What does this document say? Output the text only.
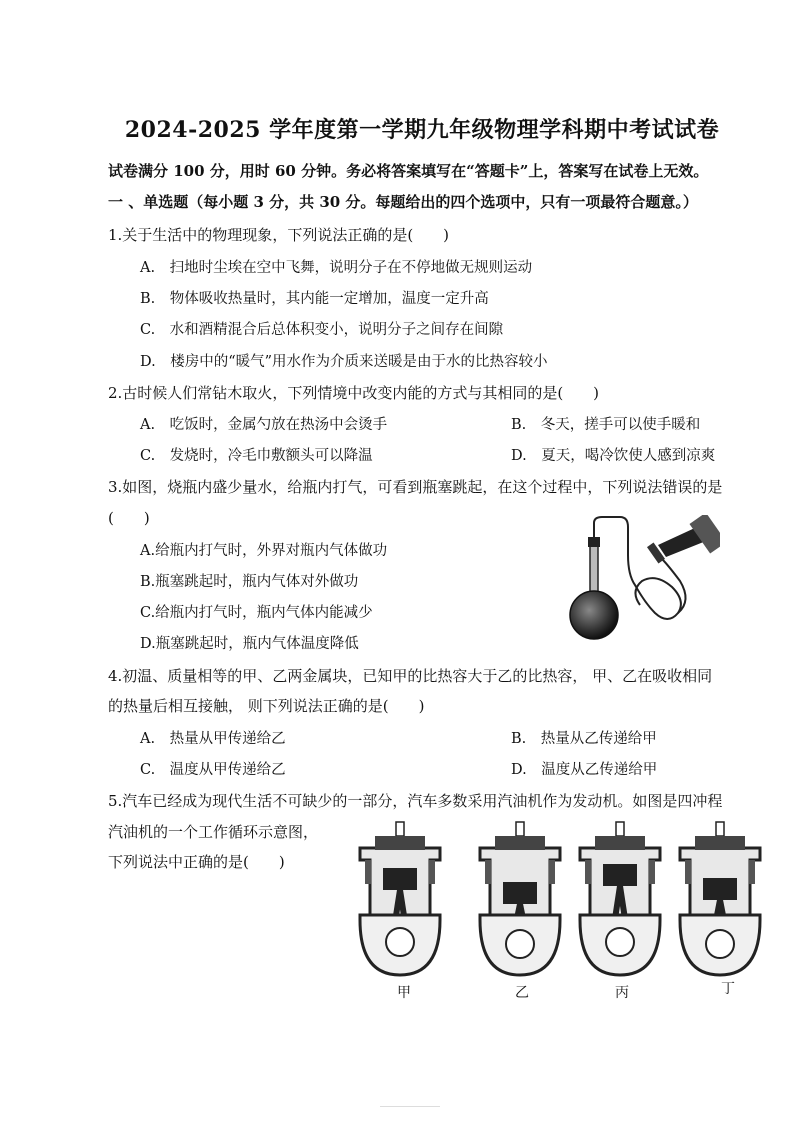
2024-2025 学年度第一学期九年级物理学科期中考试试卷
试卷满分 100 分，用时 60 分钟。务必将答案填写在“答题卡”上，答案写在试卷上无效。
一 、单选题（每小题 3 分，共 30 分。每题给出的四个选项中，只有一项最符合题意。）
1.关于生活中的物理现象，下列说法正确的是(　　)
A.　扫地时尘埃在空中飞舞，说明分子在不停地做无规则运动
B.　物体吸收热量时，其内能一定增加，温度一定升高
C.　水和酒精混合后总体积变小，说明分子之间存在间隙
D.　楼房中的“暖气”用水作为介质来送暖是由于水的比热容较小
2.古时候人们常钻木取火，下列情境中改变内能的方式与其相同的是(　　)
A.　吃饭时，金属勺放在热汤中会烫手	B.　冬天，搓手可以使手暖和
C.　发烧时，冷毛巾敷额头可以降温	D.　夏天，喝冷饮使人感到凉爽
3.如图，烧瓶内盛少量水，给瓶内打气，可看到瓶塞跳起，在这个过程中，下列说法错误的是
(　　)
A.给瓶内打气时，外界对瓶内气体做功
B.瓶塞跳起时，瓶内气体对外做功
C.给瓶内打气时，瓶内气体内能减少
D.瓶塞跳起时，瓶内气体温度降低
4.初温、质量相等的甲、乙两金属块，已知甲的比热容大于乙的比热容， 甲、乙在吸收相同
的热量后相互接触， 则下列说法正确的是(　　)
A.　热量从甲传递给乙	B.　热量从乙传递给甲
C.　温度从甲传递给乙	D.　温度从乙传递给甲
5.汽车已经成为现代生活不可缺少的一部分，汽车多数采用汽油机作为发动机。如图是四冲程
汽油机的一个工作循环示意图，
下列说法中正确的是(　　)
甲	乙	丙	丁
